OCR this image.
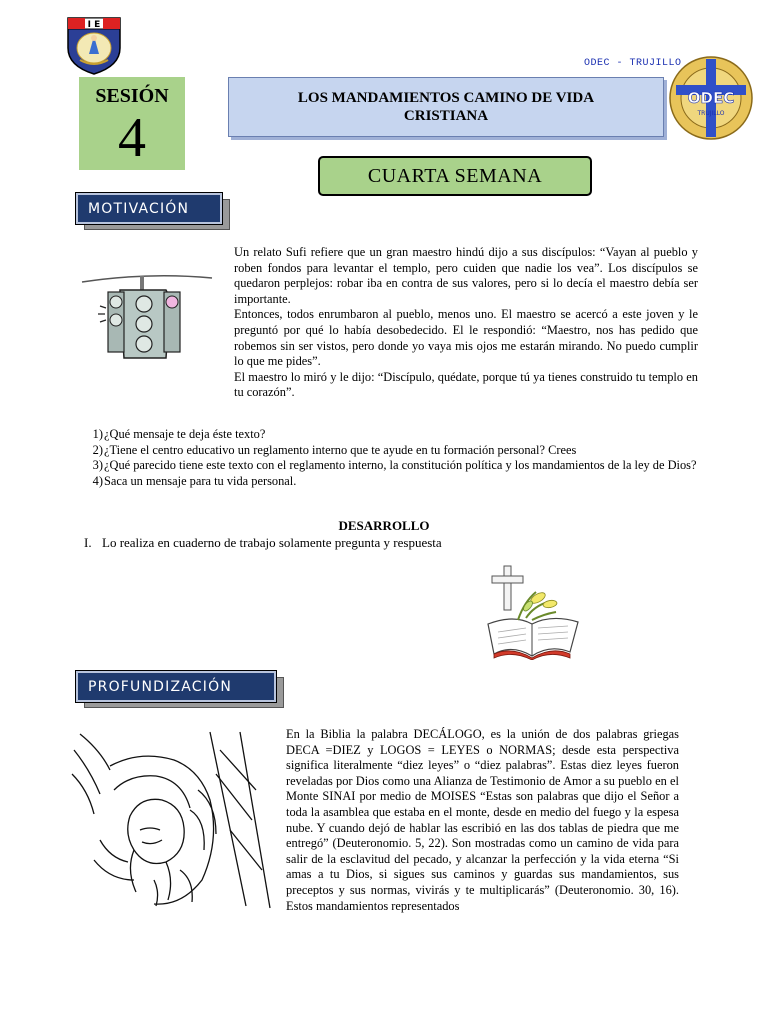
I E
ODEC - TRUJILLO
ODEC
TRUJILLO
SESIÓN
4
LOS MANDAMIENTOS CAMINO DE VIDA CRISTIANA
CUARTA SEMANA
MOTIVACIÓN

Un relato Sufi refiere que un gran maestro hindú dijo a sus discípulos: “Vayan al pueblo y roben fondos para levantar el templo, pero cuiden que nadie los vea”. Los discípulos se quedaron perplejos: robar iba en contra de sus valores, pero si lo decía el maestro debía ser importante.

Entonces, todos enrumbaron al pueblo, menos uno. El maestro se acercó a este joven y le preguntó por qué lo había desobedecido. El le respondió: “Maestro, nos has pedido que robemos sin ser vistos, pero donde yo vaya mis ojos me estarán mirando. No puedo cumplir lo que me pides”.

El maestro lo miró y le dijo: “Discípulo, quédate, porque tú ya tienes construido tu templo en tu corazón”.

1) ¿Qué mensaje te deja éste texto?
2) ¿Tiene el centro educativo un reglamento interno que te ayude en tu formación personal? Crees
3) ¿Qué parecido tiene este texto con el reglamento interno, la constitución política y los mandamientos de la ley de Dios?
4) Saca un mensaje para tu vida personal.
DESARROLLO
I. Lo realiza en cuaderno de trabajo solamente pregunta y respuesta
PROFUNDIZACIÓN

En la Biblia la palabra DECÁLOGO, es la unión de dos palabras griegas DECA =DIEZ y LOGOS = LEYES o NORMAS; desde esta perspectiva significa literalmente “diez leyes” o “diez palabras”. Estas diez leyes fueron reveladas por Dios como una Alianza de Testimonio de Amor a su pueblo en el Monte SINAI por medio de MOISES “Estas son palabras que dijo el Señor a toda la asamblea que estaba en el monte, desde en medio del fuego y la espesa nube. Y cuando dejó de hablar las escribió en las dos tablas de piedra que me entregó” (Deuteronomio. 5, 22). Son mostradas como un camino de vida para salir de la esclavitud del pecado, y alcanzar la perfección y la vida eterna “Si amas a tu Dios, si sigues sus caminos y guardas sus mandamientos, sus preceptos y sus normas, vivirás y te multiplicarás” (Deuteronomio. 30, 16). Estos mandamientos representados
